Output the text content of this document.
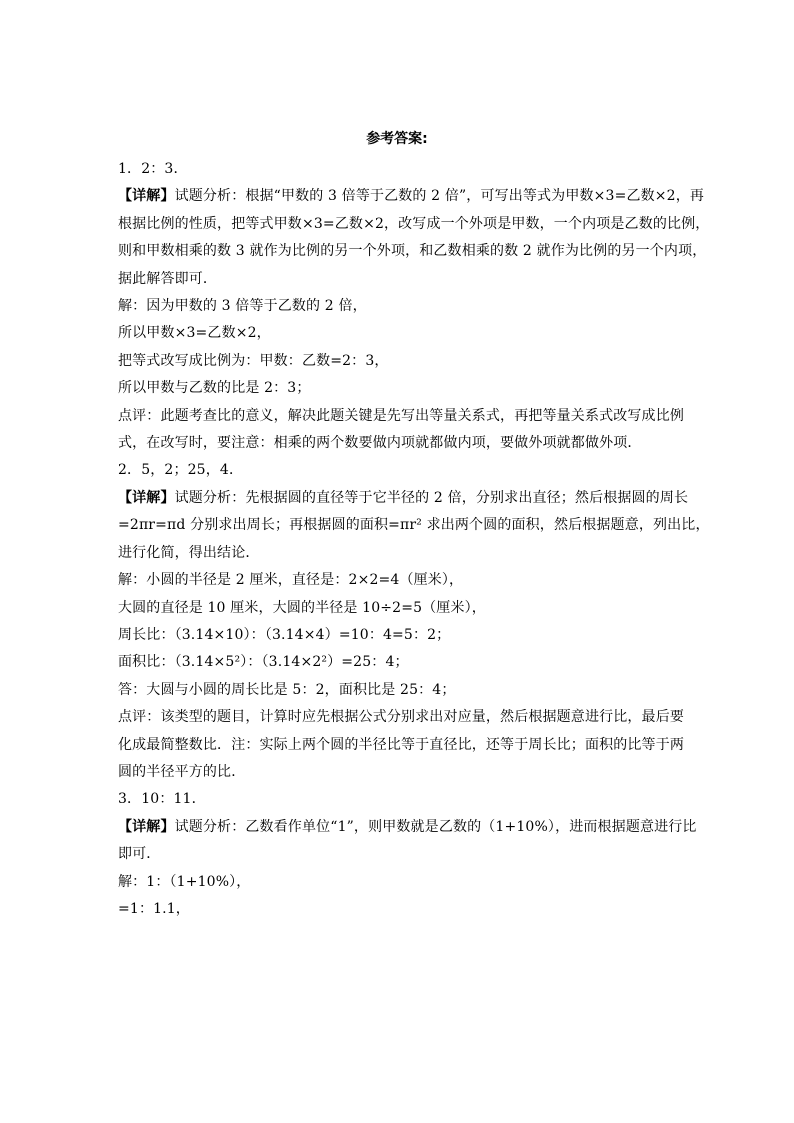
参考答案:
1．2：3．
【详解】试题分析：根据“甲数的 3 倍等于乙数的 2 倍”，可写出等式为甲数×3=乙数×2，再
根据比例的性质，把等式甲数×3=乙数×2，改写成一个外项是甲数，一个内项是乙数的比例，
则和甲数相乘的数 3 就作为比例的另一个外项，和乙数相乘的数 2 就作为比例的另一个内项，
据此解答即可．
解：因为甲数的 3 倍等于乙数的 2 倍，
所以甲数×3=乙数×2，
把等式改写成比例为：甲数：乙数=2：3，
所以甲数与乙数的比是 2：3；
点评：此题考查比的意义，解决此题关键是先写出等量关系式，再把等量关系式改写成比例
式，在改写时，要注意：相乘的两个数要做内项就都做内项，要做外项就都做外项．
2．5，2；25，4．
【详解】试题分析：先根据圆的直径等于它半径的 2 倍，分别求出直径；然后根据圆的周长
=2πr=πd 分别求出周长；再根据圆的面积=πr² 求出两个圆的面积，然后根据题意，列出比，
进行化简，得出结论．
解：小圆的半径是 2 厘米，直径是：2×2=4（厘米），
大圆的直径是 10 厘米，大圆的半径是 10÷2=5（厘米），
周长比：（3.14×10）：（3.14×4）=10：4=5：2；
面积比：（3.14×5²）：（3.14×2²）=25：4；
答：大圆与小圆的周长比是 5：2，面积比是 25：4；
点评：该类型的题目，计算时应先根据公式分别求出对应量，然后根据题意进行比，最后要
化成最简整数比．注：实际上两个圆的半径比等于直径比，还等于周长比；面积的比等于两
圆的半径平方的比．
3．10：11．
【详解】试题分析：乙数看作单位“1”，则甲数就是乙数的（1+10%），进而根据题意进行比
即可．
解：1：（1+10%），
=1：1.1，
